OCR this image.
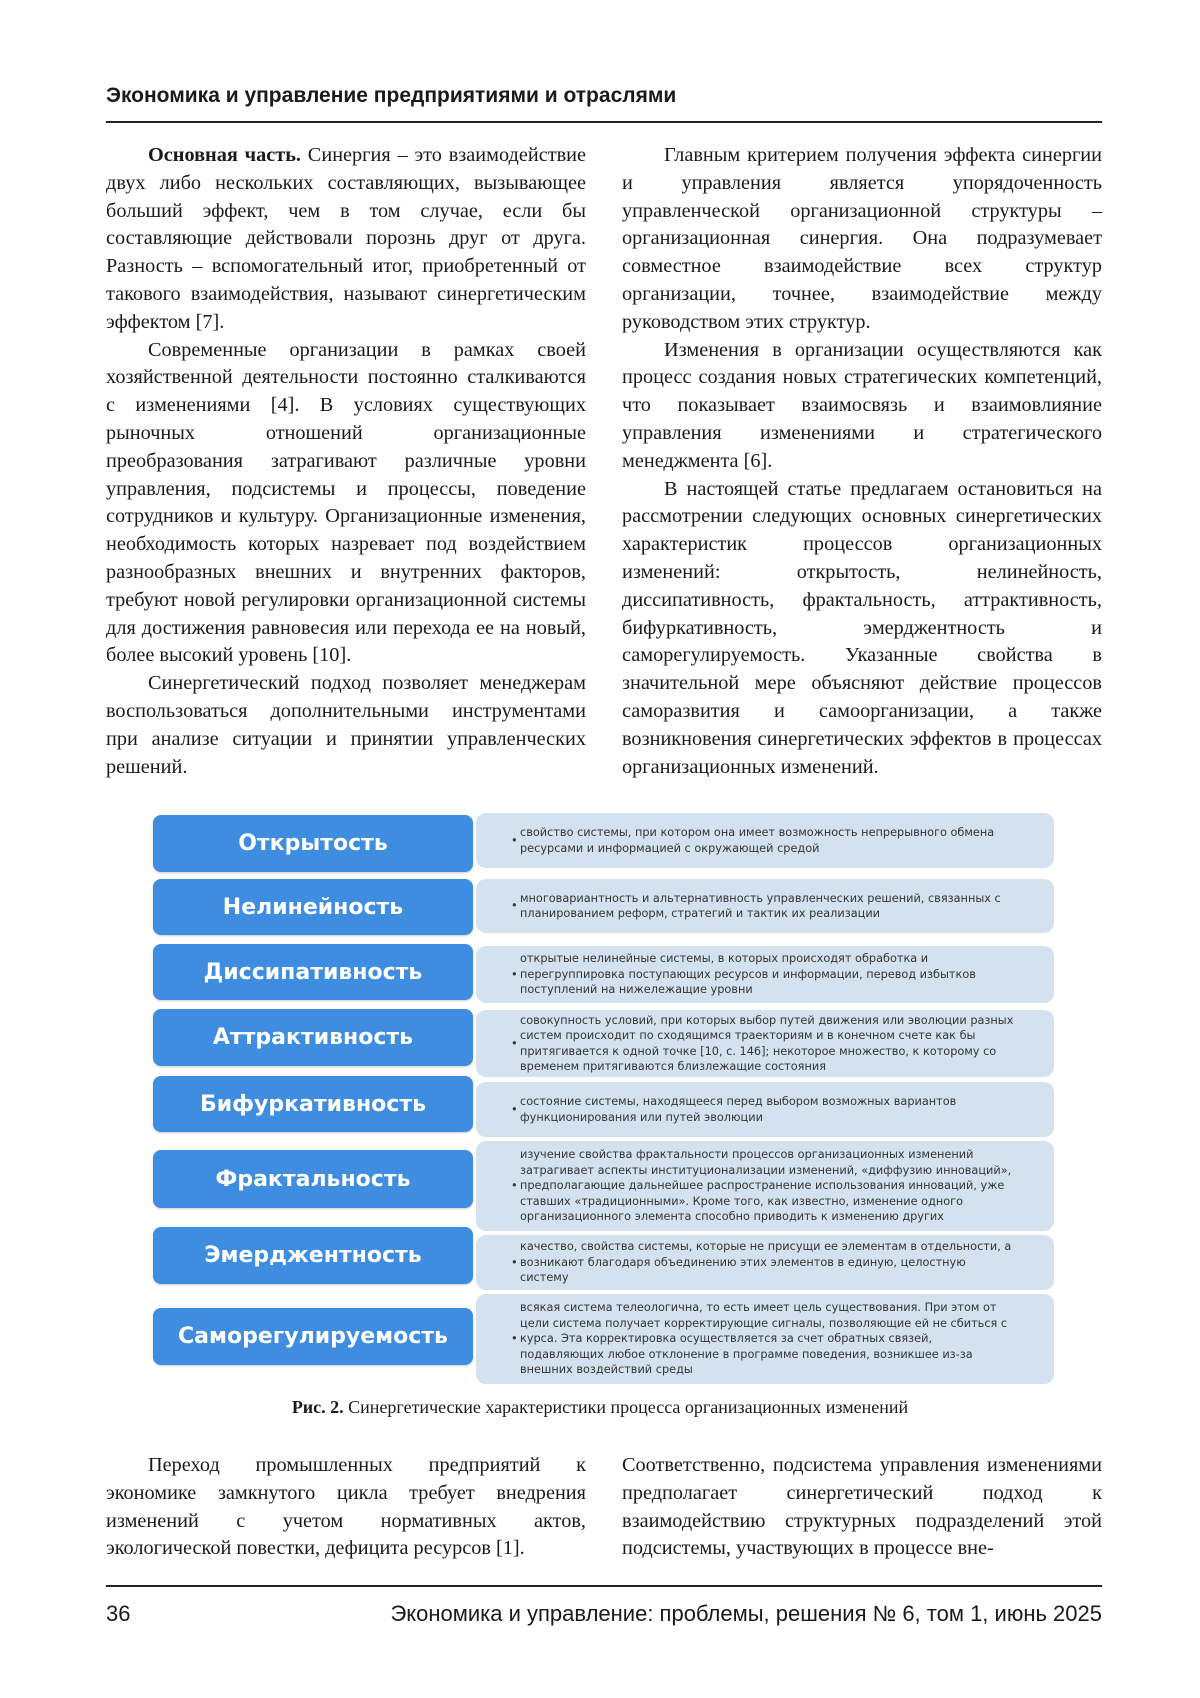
Экономика и управление предприятиями и отраслями

Основная часть. Синергия – это взаимодействие двух либо нескольких составляющих, вызывающее больший эффект, чем в том случае, если бы составляющие действовали порознь друг от друга. Разность – вспомогательный итог, приобретенный от такового взаимодействия, называют синергетическим эффектом [7].

Современные организации в рамках своей хозяйственной деятельности постоянно сталкиваются с изменениями [4]. В условиях существующих рыночных отношений организационные преобразования затрагивают различные уровни управления, подсистемы и процессы, поведение сотрудников и культуру. Организационные изменения, необходимость которых назревает под воздействием разнообразных внешних и внутренних факторов, требуют новой регулировки организационной системы для достижения равновесия или перехода ее на новый, более высокий уровень [10].

Синергетический подход позволяет менеджерам воспользоваться дополнительными инструментами при анализе ситуации и принятии управленческих решений.

Главным критерием получения эффекта синергии и управления является упорядоченность управленческой организационной структуры – организационная синергия. Она подразумевает совместное взаимодействие всех структур организации, точнее, взаимодействие между руководством этих структур.

Изменения в организации осуществляются как процесс создания новых стратегических компетенций, что показывает взаимосвязь и взаимовлияние управления изменениями и стратегического менеджмента [6].

В настоящей статье предлагаем остановиться на рассмотрении следующих основных синергетических характеристик процессов организационных изменений: открытость, нелинейность, диссипативность, фрактальность, аттрактивность, бифуркативность, эмерджентность и саморегулируемость. Указанные свойства в значительной мере объясняют действие процессов саморазвития и самоорганизации, а также возникновения синергетических эффектов в процессах организационных изменений.

Открытость	•
свойство системы, при котором она имеет возможность непрерывного обмена ресурсами и информацией с окружающей средой
Нелинейность	•
многовариантность и альтернативность управленческих решений, связанных с планированием реформ, стратегий и тактик их реализации
Диссипативность	•
открытые нелинейные системы, в которых происходят обработка и перегруппировка поступающих ресурсов и информации, перевод избытков поступлений на нижележащие уровни
Аттрактивность	•
совокупность условий, при которых выбор путей движения или эволюции разных систем происходит по сходящимся траекториям и в конечном счете как бы притягивается к одной точке [10, с. 146]; некоторое множество, к которому со временем притягиваются близлежащие состояния
Бифуркативность	•
состояние системы, находящееся перед выбором возможных вариантов функционирования или путей эволюции
Фрактальность	•
изучение свойства фрактальности процессов организационных изменений затрагивает аспекты институционализации изменений, «диффузию инноваций», предполагающие дальнейшее распространение использования инноваций, уже ставших «традиционными». Кроме того, как известно, изменение одного организационного элемента способно приводить к изменению других
Эмерджентность	•
качество, свойства системы, которые не присущи ее элементам в отдельности, а возникают благодаря объединению этих элементов в единую, целостную систему
Саморегулируемость	•
всякая система телеологична, то есть имеет цель существования. При этом от цели система получает корректирующие сигналы, позволяющие ей не сбиться с курса. Эта корректировка осуществляется за счет обратных связей, подавляющих любое отклонение в программе поведения, возникшее из-за внешних воздействий среды
Рис. 2. Синергетические характеристики процесса организационных изменений

Переход промышленных предприятий к экономике замкнутого цикла требует внедрения изменений с учетом нормативных актов, экологической повестки, дефицита ресурсов [1].

Соответственно, подсистема управления изменениями предполагает синергетический подход к взаимодействию структурных подразделений этой подсистемы, участвующих в процессе вне-

36	Экономика и управление: проблемы, решения № 6, том 1, июнь 2025
